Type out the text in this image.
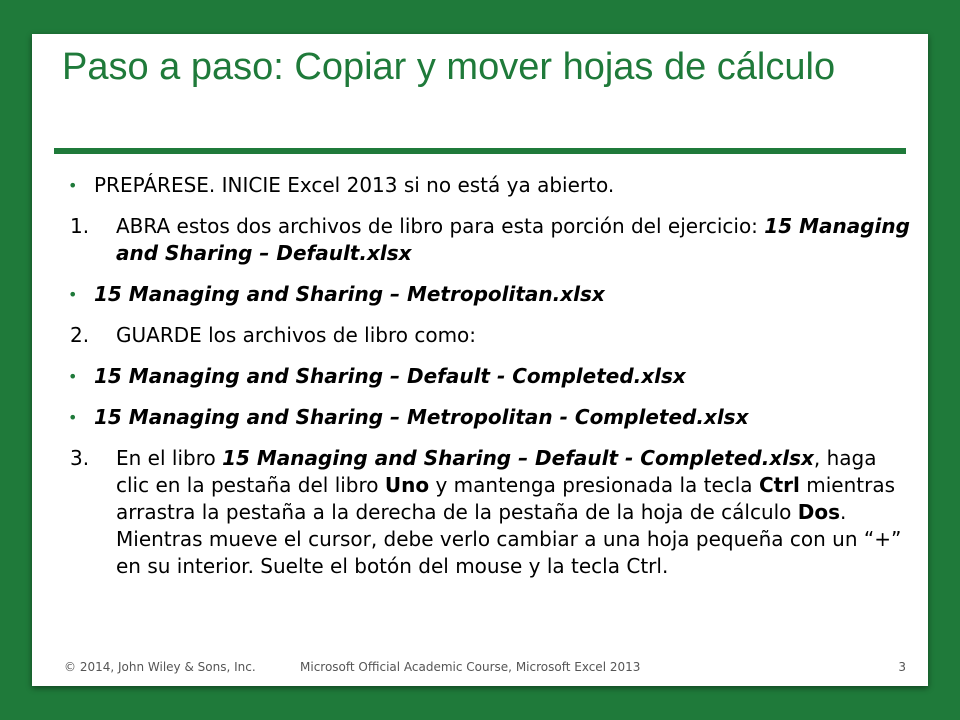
Paso a paso: Copiar y mover hojas de cálculo
• PREPÁRESE. INICIE Excel 2013 si no está ya abierto.
1. ABRA estos dos archivos de libro para esta porción del ejercicio: 15 Managing and Sharing – Default.xlsx
• 15 Managing and Sharing – Metropolitan.xlsx
2. GUARDE los archivos de libro como:
• 15 Managing and Sharing – Default - Completed.xlsx
• 15 Managing and Sharing – Metropolitan - Completed.xlsx
3. En el libro 15 Managing and Sharing – Default - Completed.xlsx, haga clic en la pestaña del libro Uno y mantenga presionada la tecla Ctrl mientras arrastra la pestaña a la derecha de la pestaña de la hoja de cálculo Dos. Mientras mueve el cursor, debe verlo cambiar a una hoja pequeña con un “+” en su interior. Suelte el botón del mouse y la tecla Ctrl.
© 2014, John Wiley & Sons, Inc.	Microsoft Official Academic Course, Microsoft Excel 2013	3
